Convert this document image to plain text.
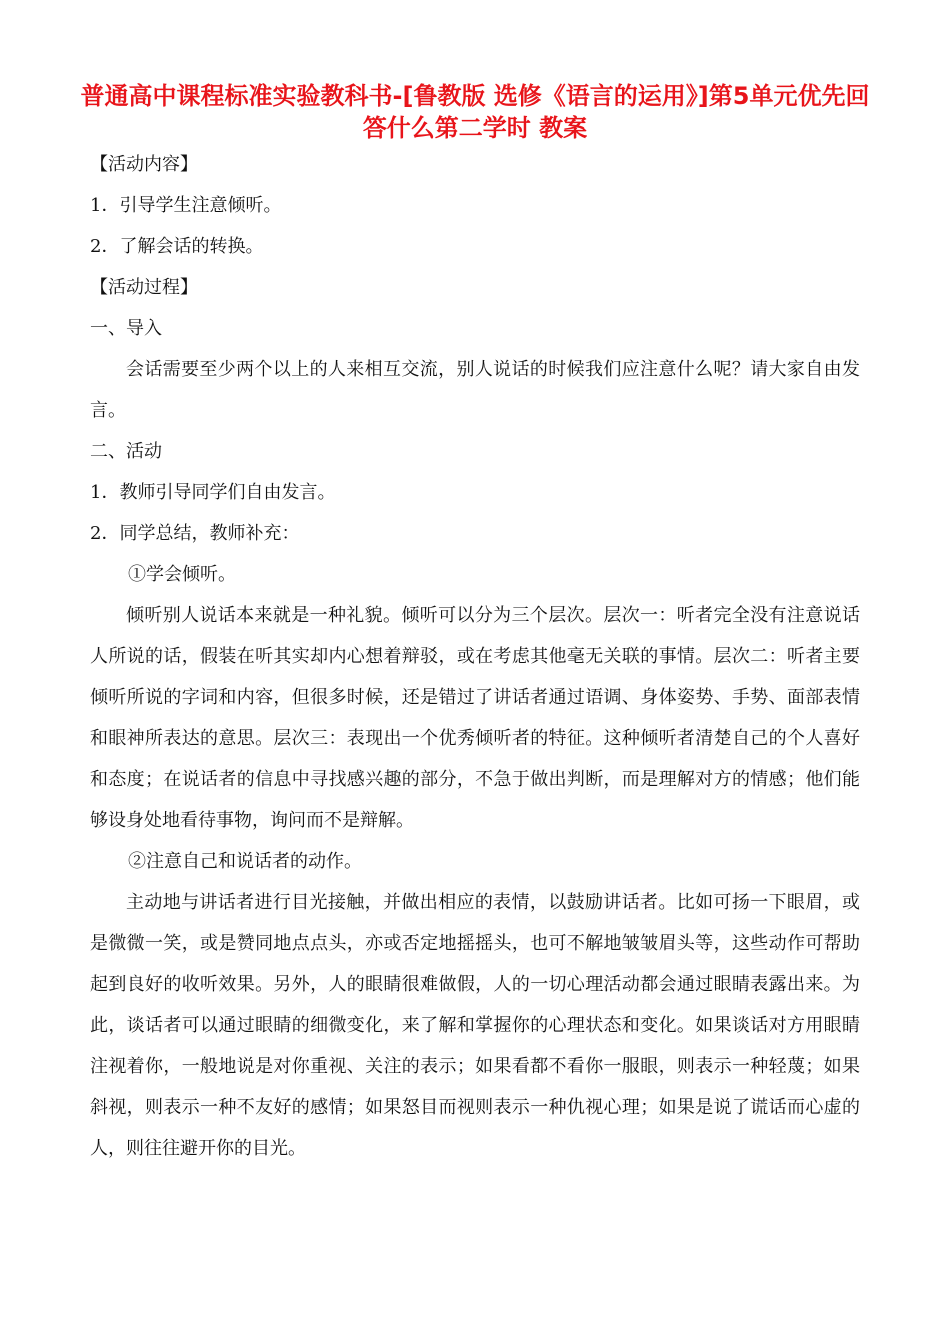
普通高中课程标准实验教科书-[鲁教版 选修《语言的运用》]第5单元优先回答什么第二学时 教案
【活动内容】
1．引导学生注意倾听。
2．了解会话的转换。
【活动过程】
一、导入
会话需要至少两个以上的人来相互交流，别人说话的时候我们应注意什么呢？请大家自由发言。
二、活动
1．教师引导同学们自由发言。
2．同学总结，教师补充：
①学会倾听。
倾听别人说话本来就是一种礼貌。倾听可以分为三个层次。层次一：听者完全没有注意说话人所说的话，假装在听其实却内心想着辩驳，或在考虑其他毫无关联的事情。层次二：听者主要倾听所说的字词和内容，但很多时候，还是错过了讲话者通过语调、身体姿势、手势、面部表情和眼神所表达的意思。层次三：表现出一个优秀倾听者的特征。这种倾听者清楚自己的个人喜好和态度；在说话者的信息中寻找感兴趣的部分，不急于做出判断，而是理解对方的情感；他们能够设身处地看待事物，询问而不是辩解。
②注意自己和说话者的动作。
主动地与讲话者进行目光接触，并做出相应的表情，以鼓励讲话者。比如可扬一下眼眉，或是微微一笑，或是赞同地点点头，亦或否定地摇摇头，也可不解地皱皱眉头等，这些动作可帮助起到良好的收听效果。另外，人的眼睛很难做假，人的一切心理活动都会通过眼睛表露出来。为此，谈话者可以通过眼睛的细微变化，来了解和掌握你的心理状态和变化。如果谈话对方用眼睛注视着你，一般地说是对你重视、关注的表示；如果看都不看你一服眼，则表示一种轻蔑；如果斜视，则表示一种不友好的感情；如果怒目而视则表示一种仇视心理；如果是说了谎话而心虚的人，则往往避开你的目光。
